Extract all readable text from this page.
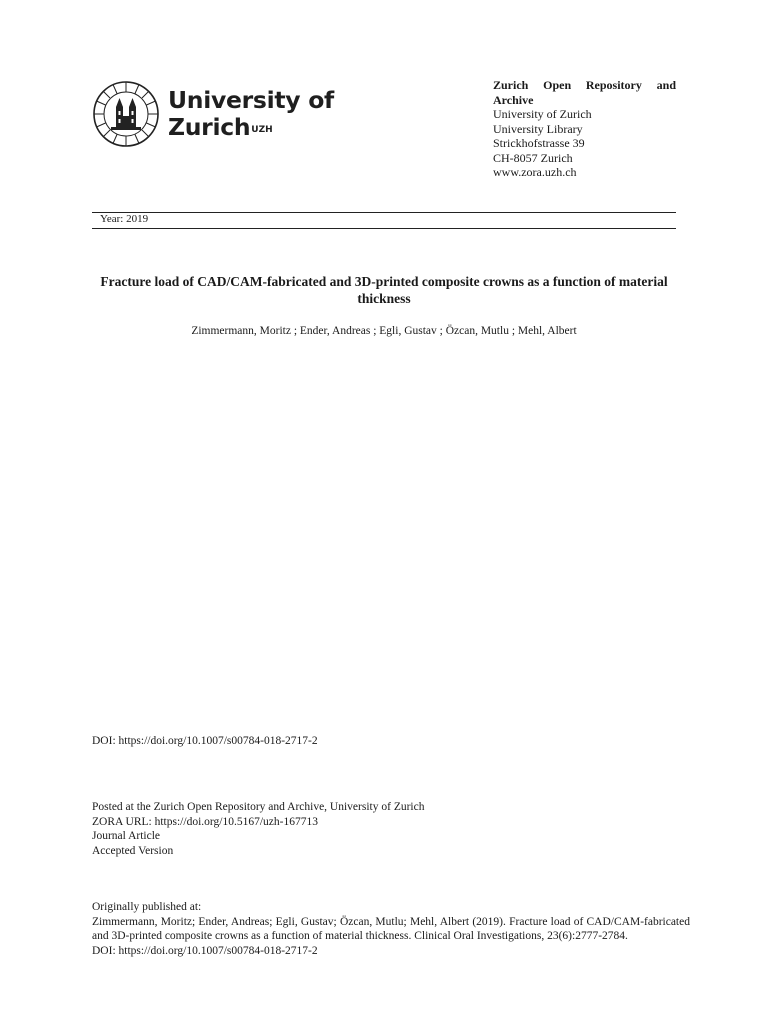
University of
Zurich$^{UZH}$
Zurich Open Repository and Archive
University of Zurich
University Library
Strickhofstrasse 39
CH-8057 Zurich
www.zora.uzh.ch
Year: 2019
Fracture load of CAD/CAM-fabricated and 3D-printed composite crowns as a function of material thickness
Zimmermann, Moritz ; Ender, Andreas ; Egli, Gustav ; Özcan, Mutlu ; Mehl, Albert
DOI: https://doi.org/10.1007/s00784-018-2717-2
Posted at the Zurich Open Repository and Archive, University of Zurich
ZORA URL: https://doi.org/10.5167/uzh-167713
Journal Article
Accepted Version
Originally published at:
Zimmermann, Moritz; Ender, Andreas; Egli, Gustav; Özcan, Mutlu; Mehl, Albert (2019). Fracture load of CAD/CAM-fabricated and 3D-printed composite crowns as a function of material thickness. Clinical Oral Investigations, 23(6):2777-2784.
DOI: https://doi.org/10.1007/s00784-018-2717-2
